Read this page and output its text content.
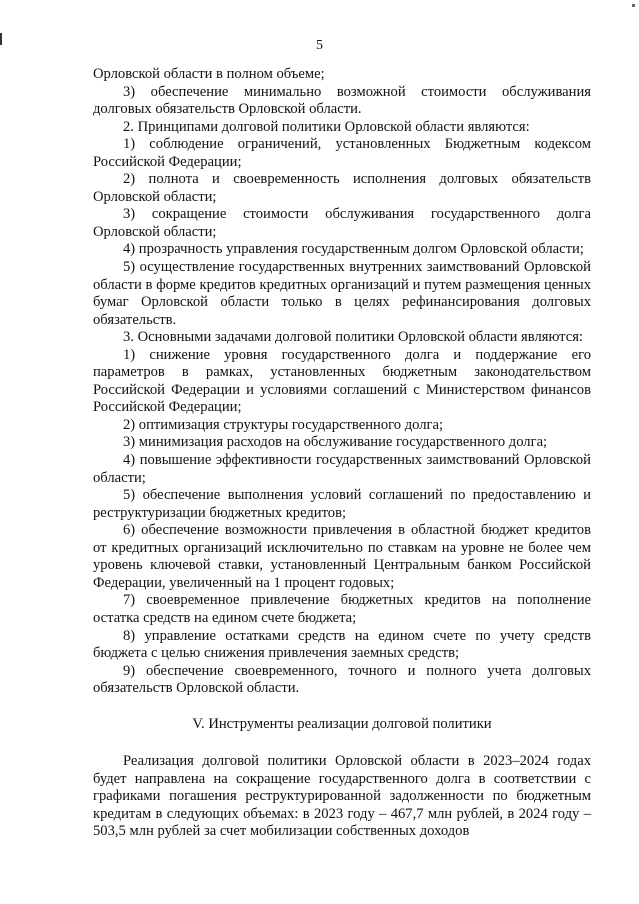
5

Орловской области в полном объеме;

3) обеспечение минимально возможной стоимости обслуживания долговых обязательств Орловской области.

2. Принципами долговой политики Орловской области являются:

1) соблюдение ограничений, установленных Бюджетным кодексом Российской Федерации;

2) полнота и своевременность исполнения долговых обязательств Орловской области;

3) сокращение стоимости обслуживания государственного долга Орловской области;

4) прозрачность управления государственным долгом Орловской области;

5) осуществление государственных внутренних заимствований Орловской области в форме кредитов кредитных организаций и путем размещения ценных бумаг Орловской области только в целях рефинансирования долговых обязательств.

3. Основными задачами долговой политики Орловской области являются:

1) снижение уровня государственного долга и поддержание его параметров в рамках, установленных бюджетным законодательством Российской Федерации и условиями соглашений с Министерством финансов Российской Федерации;

2) оптимизация структуры государственного долга;

3) минимизация расходов на обслуживание государственного долга;

4) повышение эффективности государственных заимствований Орловской области;

5) обеспечение выполнения условий соглашений по предоставлению и реструктуризации бюджетных кредитов;

6) обеспечение возможности привлечения в областной бюджет кредитов от кредитных организаций исключительно по ставкам на уровне не более чем уровень ключевой ставки, установленный Центральным банком Российской Федерации, увеличенный на 1 процент годовых;

7) своевременное привлечение бюджетных кредитов на пополнение остатка средств на едином счете бюджета;

8) управление остатками средств на едином счете по учету средств бюджета с целью снижения привлечения заемных средств;

9) обеспечение своевременного, точного и полного учета долговых обязательств Орловской области.

V. Инструменты реализации долговой политики

Реализация долговой политики Орловской области в 2023–2024 годах будет направлена на сокращение государственного долга в соответствии с графиками погашения реструктурированной задолженности по бюджетным кредитам в следующих объемах: в 2023 году – 467,7 млн рублей, в 2024 году – 503,5 млн рублей за счет мобилизации собственных доходов
